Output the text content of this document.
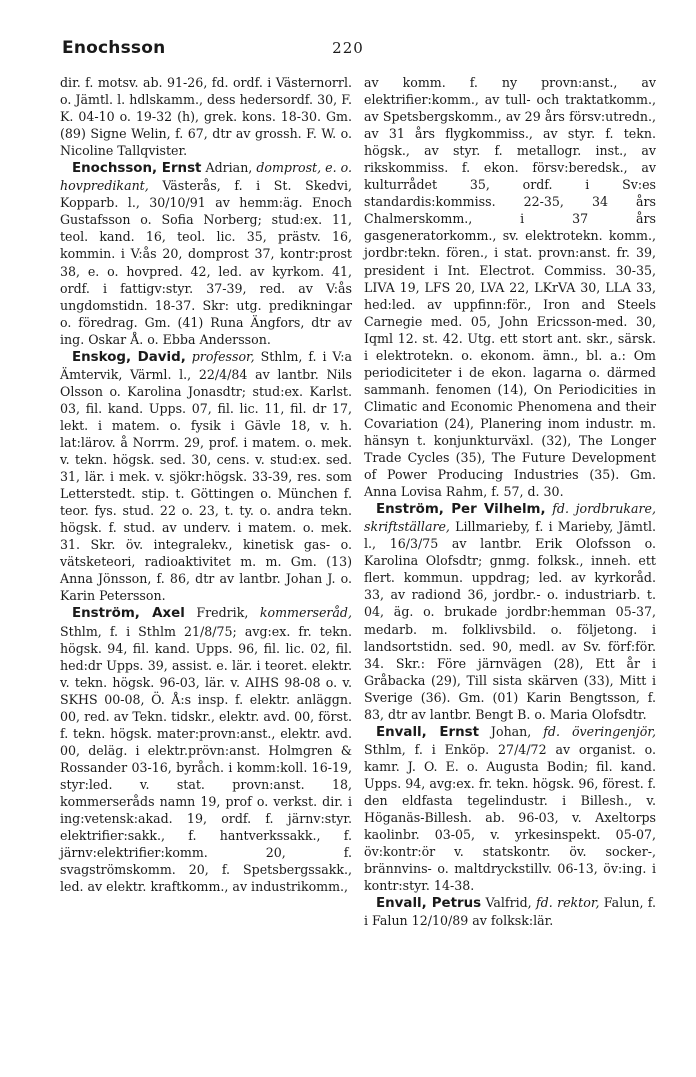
Enochsson	220

dir. f. motsv. ab. 91-26, fd. ordf. i Västernorrl. o. Jämtl. l. hdlskamm., dess hedersordf. 30, F. K. 04-10 o. 19-32 (h), grek. kons. 18-30. Gm. (89) Signe Welin, f. 67, dtr av grossh. F. W. o. Nicoline Tallqvister.

Enochsson, Ernst Adrian, domprost, e. o. hovpredikant, Västerås, f. i St. Skedvi, Kopparb. l., 30/10/91 av hemm:äg. Enoch Gustafsson o. Sofia Norberg; stud:ex. 11, teol. kand. 16, teol. lic. 35, prästv. 16, kommin. i V:ås 20, domprost 37, kontr:prost 38, e. o. hovpred. 42, led. av kyrkom. 41, ordf. i fattigv:styr. 37-39, red. av V:ås ungdomstidn. 18-37. Skr: utg. predikningar o. föredrag. Gm. (41) Runa Ängfors, dtr av ing. Oskar Å. o. Ebba Andersson.

Enskog, David, professor, Sthlm, f. i V:a Ämtervik, Värml. l., 22/4/84 av lantbr. Nils Olsson o. Karolina Jonasdtr; stud:ex. Karlst. 03, fil. kand. Upps. 07, fil. lic. 11, fil. dr 17, lekt. i matem. o. fysik i Gävle 18, v. h. lat:lärov. å Norrm. 29, prof. i matem. o. mek. v. tekn. högsk. sed. 30, cens. v. stud:ex. sed. 31, lär. i mek. v. sjökr:högsk. 33-39, res. som Letterstedt. stip. t. Göttingen o. München f. teor. fys. stud. 22 o. 23, t. ty. o. andra tekn. högsk. f. stud. av underv. i matem. o. mek. 31. Skr. öv. integralekv., kinetisk gas- o. vätsketeori, radioaktivitet m. m. Gm. (13) Anna Jönsson, f. 86, dtr av lantbr. Johan J. o. Karin Petersson.

Enström, Axel Fredrik, kommerseråd, Sthlm, f. i Sthlm 21/8/75; avg:ex. fr. tekn. högsk. 94, fil. kand. Upps. 96, fil. lic. 02, fil. hed:dr Upps. 39, assist. e. lär. i teoret. elektr. v. tekn. högsk. 96-03, lär. v. AIHS 98-08 o. v. SKHS 00-08, Ö. Å:s insp. f. elektr. anläggn. 00, red. av Tekn. tidskr., elektr. avd. 00, först. f. tekn. högsk. mater:provn:anst., elektr. avd. 00, deläg. i elektr.prövn:anst. Holmgren & Rossander 03-16, byråch. i komm:koll. 16-19, styr:led. v. stat. provn:anst. 18, kommerseråds namn 19, prof o. verkst. dir. i ing:vetensk:akad. 19, ordf. f. järnv:styr. elektrifier:sakk., f. hantverkssakk., f. järnv:elektrifier:komm. 20, f. svagströmskomm. 20, f. Spetsbergssakk., led. av elektr. kraftkomm., av industrikomm.,

av komm. f. ny provn:anst., av elektrifier:komm., av tull- och traktatkomm., av Spetsbergskomm., av 29 års försv:utredn., av 31 års flygkommiss., av styr. f. tekn. högsk., av styr. f. metallogr. inst., av rikskommiss. f. ekon. försv:beredsk., av kulturrådet 35, ordf. i Sv:es standardis:kommiss. 22-35, 34 års Chalmerskomm., i 37 års gasgeneratorkomm., sv. elektrotekn. komm., jordbr:tekn. fören., i stat. provn:anst. fr. 39, president i Int. Electrot. Commiss. 30-35, LIVA 19, LFS 20, LVA 22, LKrVA 30, LLA 33, hed:led. av uppfinn:för., Iron and Steels Carnegie med. 05, John Ericsson-med. 30, Iqml 12. st. 42. Utg. ett stort ant. skr., särsk. i elektrotekn. o. ekonom. ämn., bl. a.: Om periodiciteter i de ekon. lagarna o. därmed sammanh. fenomen (14), On Periodicities in Climatic and Economic Phenomena and their Covariation (24), Planering inom industr. m. hänsyn t. konjunkturväxl. (32), The Longer Trade Cycles (35), The Future Development of Power Producing Industries (35). Gm. Anna Lovisa Rahm, f. 57, d. 30.

Enström, Per Vilhelm, fd. jordbrukare, skriftställare, Lillmarieby, f. i Marieby, Jämtl. l., 16/3/75 av lantbr. Erik Olofsson o. Karolina Olofsdtr; gnmg. folksk., inneh. ett flert. kommun. uppdrag; led. av kyrkoråd. 33, av radiond 36, jordbr.- o. industriarb. t. 04, äg. o. brukade jordbr:hemman 05-37, medarb. m. folklivsbild. o. följetong. i landsortstidn. sed. 90, medl. av Sv. förf:för. 34. Skr.: Före järnvägen (28), Ett år i Gråbacka (29), Till sista skärven (33), Mitt i Sverige (36). Gm. (01) Karin Bengtsson, f. 83, dtr av lantbr. Bengt B. o. Maria Olofsdtr.

Envall, Ernst Johan, fd. överingenjör, Sthlm, f. i Enköp. 27/4/72 av organist. o. kamr. J. O. E. o. Augusta Bodin; fil. kand. Upps. 94, avg:ex. fr. tekn. högsk. 96, förest. f. den eldfasta tegelindustr. i Billesh., v. Höganäs-Billesh. ab. 96-03, v. Axeltorps kaolinbr. 03-05, v. yrkesinspekt. 05-07, öv:kontr:ör v. statskontr. öv. socker-, brännvins- o. maltdryckstillv. 06-13, öv:ing. i kontr:styr. 14-38.

Envall, Petrus Valfrid, fd. rektor, Falun, f. i Falun 12/10/89 av folksk:lär.
